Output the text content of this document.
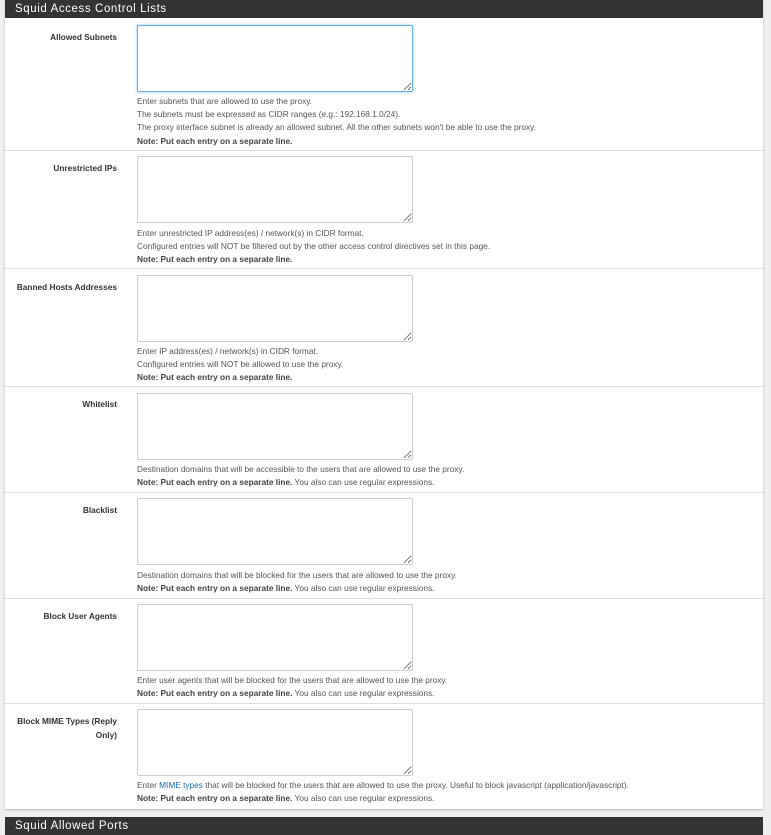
Squid Access Control Lists
Allowed Subnets
Enter subnets that are allowed to use the proxy.
The subnets must be expressed as CIDR ranges (e.g.: 192.168.1.0/24).
The proxy interface subnet is already an allowed subnet. All the other subnets won't be able to use the proxy.
Note: Put each entry on a separate line.
Unrestricted IPs
Enter unrestricted IP address(es) / network(s) in CIDR format.
Configured entries will NOT be filtered out by the other access control directives set in this page.
Note: Put each entry on a separate line.
Banned Hosts Addresses
Enter IP address(es) / network(s) in CIDR format.
Configured entries will NOT be allowed to use the proxy.
Note: Put each entry on a separate line.
Whitelist
Destination domains that will be accessible to the users that are allowed to use the proxy.
Note: Put each entry on a separate line. You also can use regular expressions.
Blacklist
Destination domains that will be blocked for the users that are allowed to use the proxy.
Note: Put each entry on a separate line. You also can use regular expressions.
Block User Agents
Enter user agents that will be blocked for the users that are allowed to use the proxy.
Note: Put each entry on a separate line. You also can use regular expressions.
Block MIME Types (Reply Only)
Enter MIME types that will be blocked for the users that are allowed to use the proxy. Useful to block javascript (application/javascript).
Note: Put each entry on a separate line. You also can use regular expressions.
Squid Allowed Ports
